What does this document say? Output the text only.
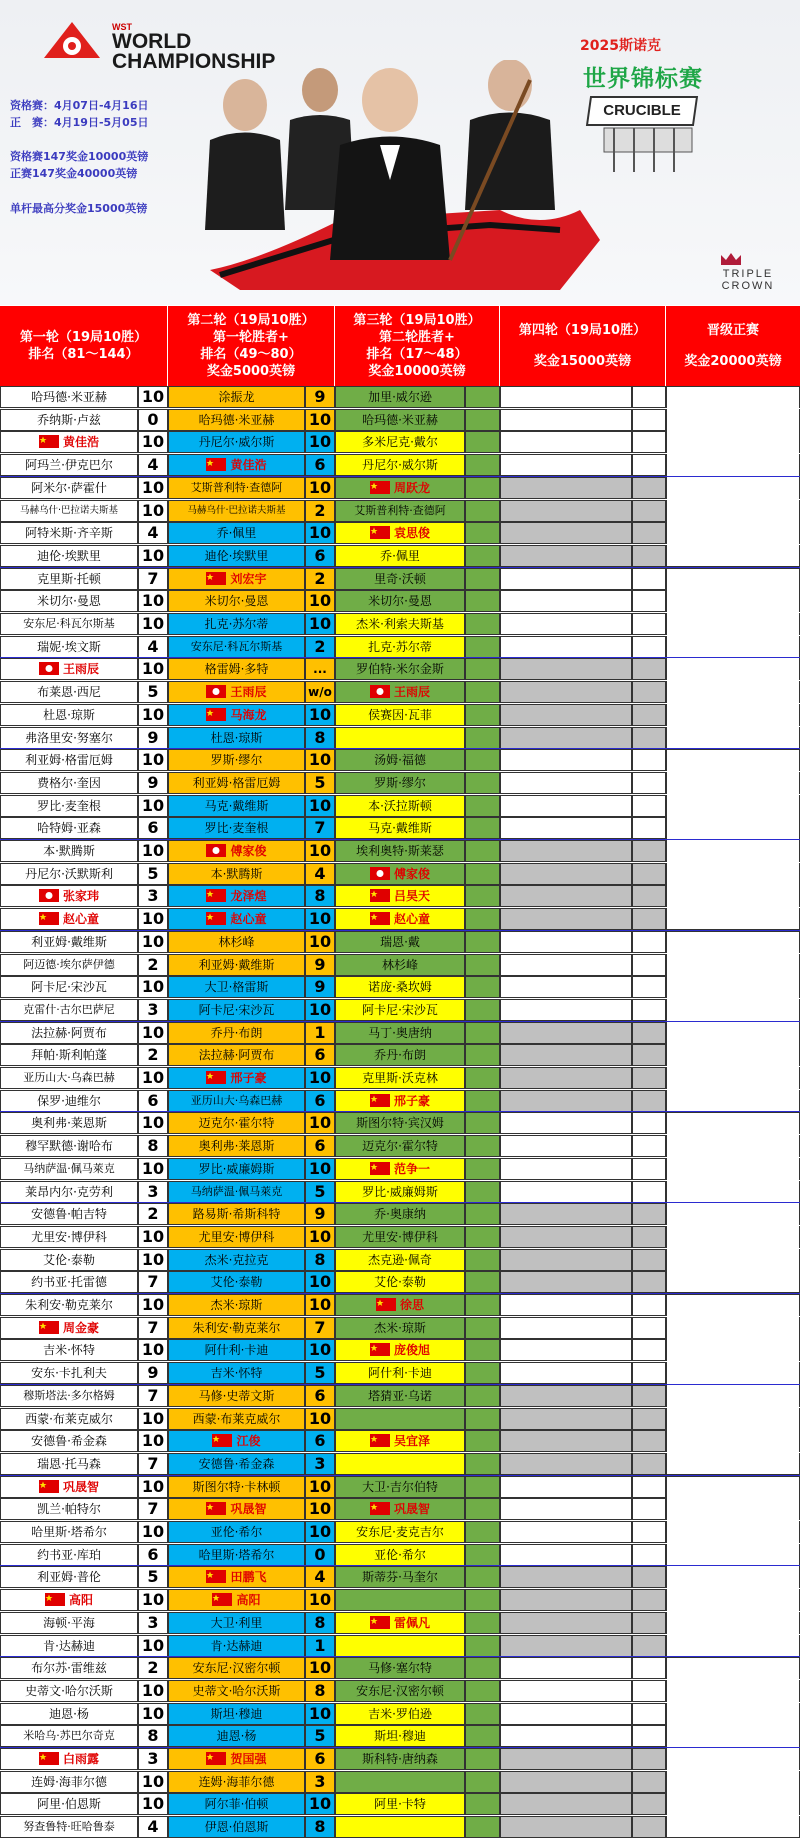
WST
WORLD
CHAMPIONSHIP
资格赛：4月07日-4月16日
正　赛：4月19日-5月05日
资格赛147奖金10000英镑
正赛147奖金40000英镑
单杆最高分奖金15000英镑
2025斯诺克
世界锦标赛
CRUCIBLE
TRIPLE CROWN
第一轮（19局10胜）
排名（81～144）
第二轮（19局10胜）
第一轮胜者+
排名（49～80）
奖金5000英镑
第三轮（19局10胜）
第二轮胜者+
排名（17～48）
奖金10000英镑
第四轮（19局10胜）
奖金15000英镑
晋级正赛
奖金20000英镑
哈玛德·米亚赫	10	涂振龙	9	加里·威尔逊
乔纳斯·卢兹	0	哈玛德·米亚赫	10	哈玛德·米亚赫
黄佳浩	10	丹尼尔·威尔斯	10	多米尼克·戴尔
阿玛兰·伊克巴尔	4	黄佳浩	6	丹尼尔·威尔斯
阿米尔·萨霍什	10	艾斯普利特·查德阿	10	周跃龙
马赫乌什·巴拉诺夫斯基	10	马赫乌什·巴拉诺夫斯基	2	艾斯普利特·查德阿
阿特米斯·齐辛斯	4	乔·佩里	10	袁思俊
迪伦·埃默里	10	迪伦·埃默里	6	乔·佩里
克里斯·托顿	7	刘宏宇	2	里奇·沃顿
米切尔·曼恩	10	米切尔·曼恩	10	米切尔·曼恩
安东尼·科瓦尔斯基	10	扎克·苏尔蒂	10	杰米·利索夫斯基
瑞妮·埃文斯	4	安东尼·科瓦尔斯基	2	扎克·苏尔蒂
王雨辰	10	格雷姆·多特	...	罗伯特·米尔金斯
布莱恩·西尼	5	王雨辰	w/o	王雨辰
杜恩·琼斯	10	马海龙	10	侯赛因·瓦菲
弗洛里安·努塞尔	9	杜恩·琼斯	8
利亚姆·格雷厄姆	10	罗斯·缪尔	10	汤姆·福德
费格尔·奎因	9	利亚姆·格雷厄姆	5	罗斯·缪尔
罗比·麦奎根	10	马克·戴维斯	10	本·沃拉斯顿
哈特姆·亚森	6	罗比·麦奎根	7	马克·戴维斯
本·默腾斯	10	傅家俊	10	埃利奥特·斯莱瑟
丹尼尔·沃默斯利	5	本·默腾斯	4	傅家俊
张家玮	3	龙泽煌	8	吕昊天
赵心童	10	赵心童	10	赵心童
利亚姆·戴维斯	10	林杉峰	10	瑞恩·戴
阿迈德·埃尔萨伊德	2	利亚姆·戴维斯	9	林杉峰
阿卡尼·宋沙瓦	10	大卫·格雷斯	9	诺庞·桑坎姆
克雷什·古尔巴萨尼	3	阿卡尼·宋沙瓦	10	阿卡尼·宋沙瓦
法拉赫·阿贾布	10	乔丹·布朗	1	马丁·奥唐纳
拜帕·斯利帕蓬	2	法拉赫·阿贾布	6	乔丹·布朗
亚历山大·乌森巴赫	10	邢子豪	10	克里斯·沃克林
保罗·迪维尔	6	亚历山大·乌森巴赫	6	邢子豪
奥利弗·莱恩斯	10	迈克尔·霍尔特	10	斯图尔特·宾汉姆
穆罕默德·谢哈布	8	奥利弗·莱恩斯	6	迈克尔·霍尔特
马纳萨温·佩马萊克	10	罗比·威廉姆斯	10	范争一
莱昂内尔·克劳利	3	马纳萨温·佩马萊克	5	罗比·威廉姆斯
安德鲁·帕吉特	2	路易斯·希斯科特	9	乔·奥康纳
尤里安·博伊科	10	尤里安·博伊科	10	尤里安·博伊科
艾伦·泰勒	10	杰米·克拉克	8	杰克逊·佩奇
约书亚·托雷德	7	艾伦·泰勒	10	艾伦·泰勒
朱利安·勒克莱尔	10	杰米·琼斯	10	徐思
周金豪	7	朱利安·勒克莱尔	7	杰米·琼斯
吉米·怀特	10	阿什利·卡迪	10	庞俊旭
安东·卡扎利夫	9	吉米·怀特	5	阿什利·卡迪
穆斯塔法·多尔格姆	7	马修·史蒂文斯	6	塔猜亚·乌诺
西蒙·布莱克威尔	10	西蒙·布莱克威尔	10
安德鲁·希金森	10	江俊	6	吴宜泽
瑞恩·托马森	7	安德鲁·希金森	3
巩晟智	10	斯图尔特·卡林顿	10	大卫·吉尔伯特
凯兰·帕特尔	7	巩晟智	10	巩晟智
哈里斯·塔希尔	10	亚伦·希尔	10	安东尼·麦克吉尔
约书亚·库珀	6	哈里斯·塔希尔	0	亚伦·希尔
利亚姆·普伦	5	田鹏飞	4	斯蒂芬·马奎尔
高阳	10	高阳	10
海顿·平海	3	大卫·利里	8	雷佩凡
肯·达赫迪	10	肯·达赫迪	1
布尔苏·雷维兹	2	安东尼·汉密尔顿	10	马修·塞尔特
史蒂文·哈尔沃斯	10	史蒂文·哈尔沃斯	8	安东尼·汉密尔顿
迪恩·杨	10	斯坦·穆迪	10	吉米·罗伯逊
米哈乌·苏巴尔奇克	8	迪恩·杨	5	斯坦·穆迪
白雨露	3	贺国强	6	斯科特·唐纳森
连姆·海菲尔德	10	连姆·海菲尔德	3
阿里·伯恩斯	10	阿尔菲·伯顿	10	阿里·卡特
努查鲁特·旺哈鲁泰	4	伊恩·伯恩斯	8
